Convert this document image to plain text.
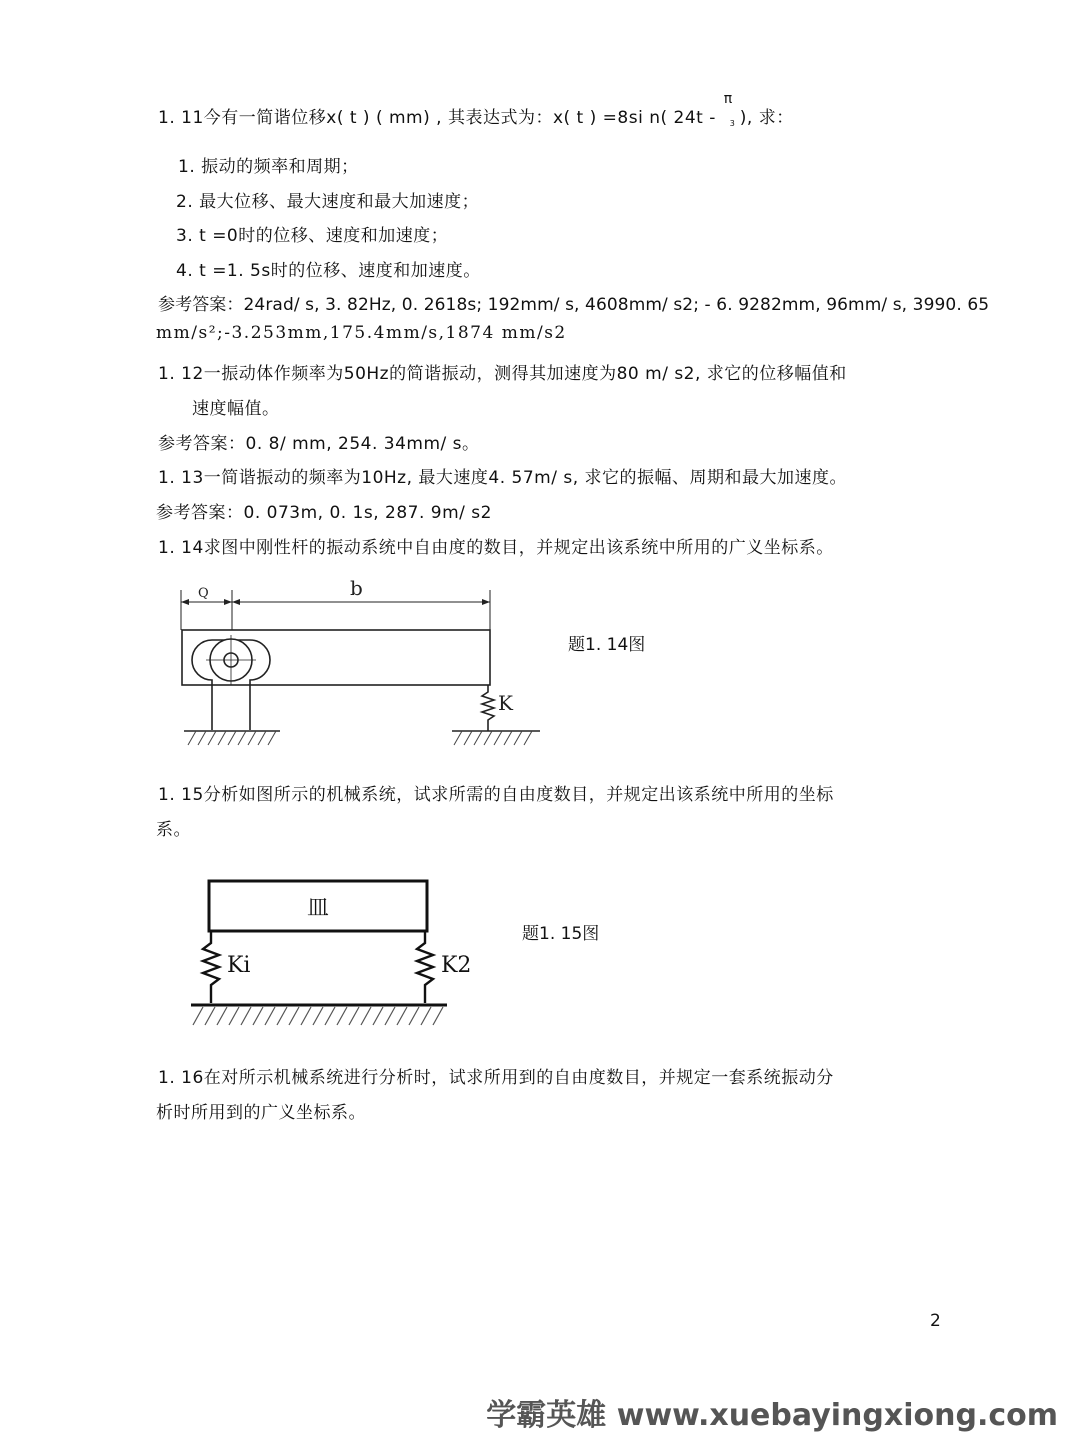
1. 11今有一简谐位移x( t ) ( mm) , 其表达式为：x( t ) =8si n( 24t -
π
3 ), 求：
1. 振动的频率和周期；
2. 最大位移、最大速度和最大加速度；
3. t =0时的位移、速度和加速度；
4. t =1. 5s时的位移、速度和加速度。
参考答案：24rad/ s, 3. 82Hz, 0. 2618s; 192mm/ s, 4608mm/ s2; - 6. 9282mm, 96mm/ s, 3990. 65
mm/s²;-3.253mm,175.4mm/s,1874 mm/s2
1. 12一振动体作频率为50Hz的简谐振动，测得其加速度为80 m/ s2, 求它的位移幅值和
速度幅值。
参考答案：0. 8/ mm, 254. 34mm/ s。
1. 13一简谐振动的频率为10Hz, 最大速度4. 57m/ s, 求它的振幅、周期和最大加速度。
参考答案：0. 073m, 0. 1s, 287. 9m/ s2
1. 14求图中刚性杆的振动系统中自由度的数目，并规定出该系统中所用的广义坐标系。
Q	b
K
题1. 14图
1. 15分析如图所示的机械系统，试求所需的自由度数目，并规定出该系统中所用的坐标
系。
皿
Ki	K2
题1. 15图
1. 16在对所示机械系统进行分析时，试求所用到的自由度数目，并规定一套系统振动分
析时所用到的广义坐标系。
2
学霸英雄 www.xuebayingxiong.com
